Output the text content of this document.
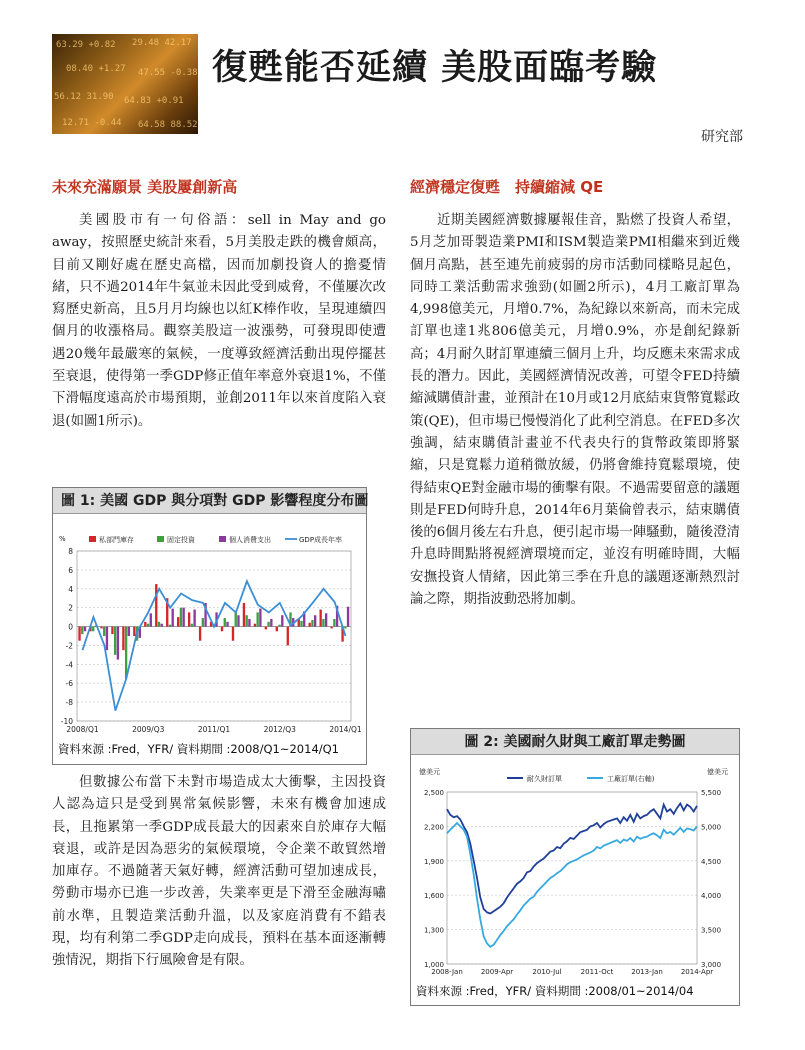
63.29 +0.82 29.48 42.17
08.40 +1.27 47.55 -0.38
56.12 31.90 64.83 +0.91
12.71 -0.44 64.58 88.52
復甦能否延續 美股面臨考驗
研究部
未來充滿願景 美股屢創新高

美國股市有一句俗語：sell in May and go away，按照歷史統計來看，5月美股走跌的機會頗高，目前又剛好處在歷史高檔，因而加劇投資人的擔憂情緒，只不過2014年牛氣並未因此受到威脅，不僅屢次改寫歷史新高，且5月月均線也以紅K棒作收，呈現連續四個月的收漲格局。觀察美股這一波漲勢，可發現即使遭遇20幾年最嚴寒的氣候，一度導致經濟活動出現停擺甚至衰退，使得第一季GDP修正值年率意外衰退1%，不僅下滑幅度遠高於市場預期，並創2011年以來首度陷入衰退(如圖1所示)。

圖 1: 美國 GDP 與分項對 GDP 影響程度分布圖
%
8
6
4
2
0
-2
-4
-6
-8
-10
2008/Q1	2009/Q3	2011/Q1	2012/Q3	2014/Q1
私部門庫存	固定投資	個人消費支出	GDP成長年率
資料來源 :Fred，YFR/ 資料期間 :2008/Q1~2014/Q1

但數據公布當下未對市場造成太大衝擊，主因投資人認為這只是受到異常氣候影響，未來有機會加速成長，且拖累第一季GDP成長最大的因素來自於庫存大幅衰退，或許是因為惡劣的氣候環境，令企業不敢貿然增加庫存。不過隨著天氣好轉，經濟活動可望加速成長，勞動市場亦已進一步改善，失業率更是下滑至金融海嘯前水準，且製造業活動升溫，以及家庭消費有不錯表現，均有利第二季GDP走向成長，預料在基本面逐漸轉強情況，期指下行風險會是有限。

經濟穩定復甦　持續縮減 QE

近期美國經濟數據屢報佳音，點燃了投資人希望，5月芝加哥製造業PMI和ISM製造業PMI相繼來到近幾個月高點，甚至連先前疲弱的房市活動同樣略見起色，同時工業活動需求強勁(如圖2所示)，4月工廠訂單為4,998億美元，月增0.7%，為紀錄以來新高，而未完成訂單也達1兆806億美元，月增0.9%，亦是創紀錄新高；4月耐久財訂單連續三個月上升，均反應未來需求成長的潛力。因此，美國經濟情況改善，可望令FED持續縮減購債計畫，並預計在10月或12月底結束貨幣寬鬆政策(QE)，但市場已慢慢消化了此利空消息。在FED多次強調，結束購債計畫並不代表央行的貨幣政策即將緊縮，只是寬鬆力道稍微放緩，仍將會維持寬鬆環境，使得結束QE對金融市場的衝擊有限。不過需要留意的議題則是FED何時升息，2014年6月葉倫曾表示，結束購債後的6個月後左右升息，便引起市場一陣騷動，隨後澄清升息時間點將視經濟環境而定，並沒有明確時間，大幅安撫投資人情緒，因此第三季在升息的議題逐漸熱烈討論之際，期指波動恐將加劇。

圖 2: 美國耐久財與工廠訂單走勢圖
億美元	億美元
2,500
2,200
1,900
1,600
1,300
1,000
5,500
5,000
4,500
4,000
3,500
3,000
2008-Jan	2009-Apr	2010-Jul	2011-Oct	2013-Jan	2014-Apr
耐久財訂單	工廠訂單(右軸)
資料來源 :Fred，YFR/ 資料期間 :2008/01~2014/04
